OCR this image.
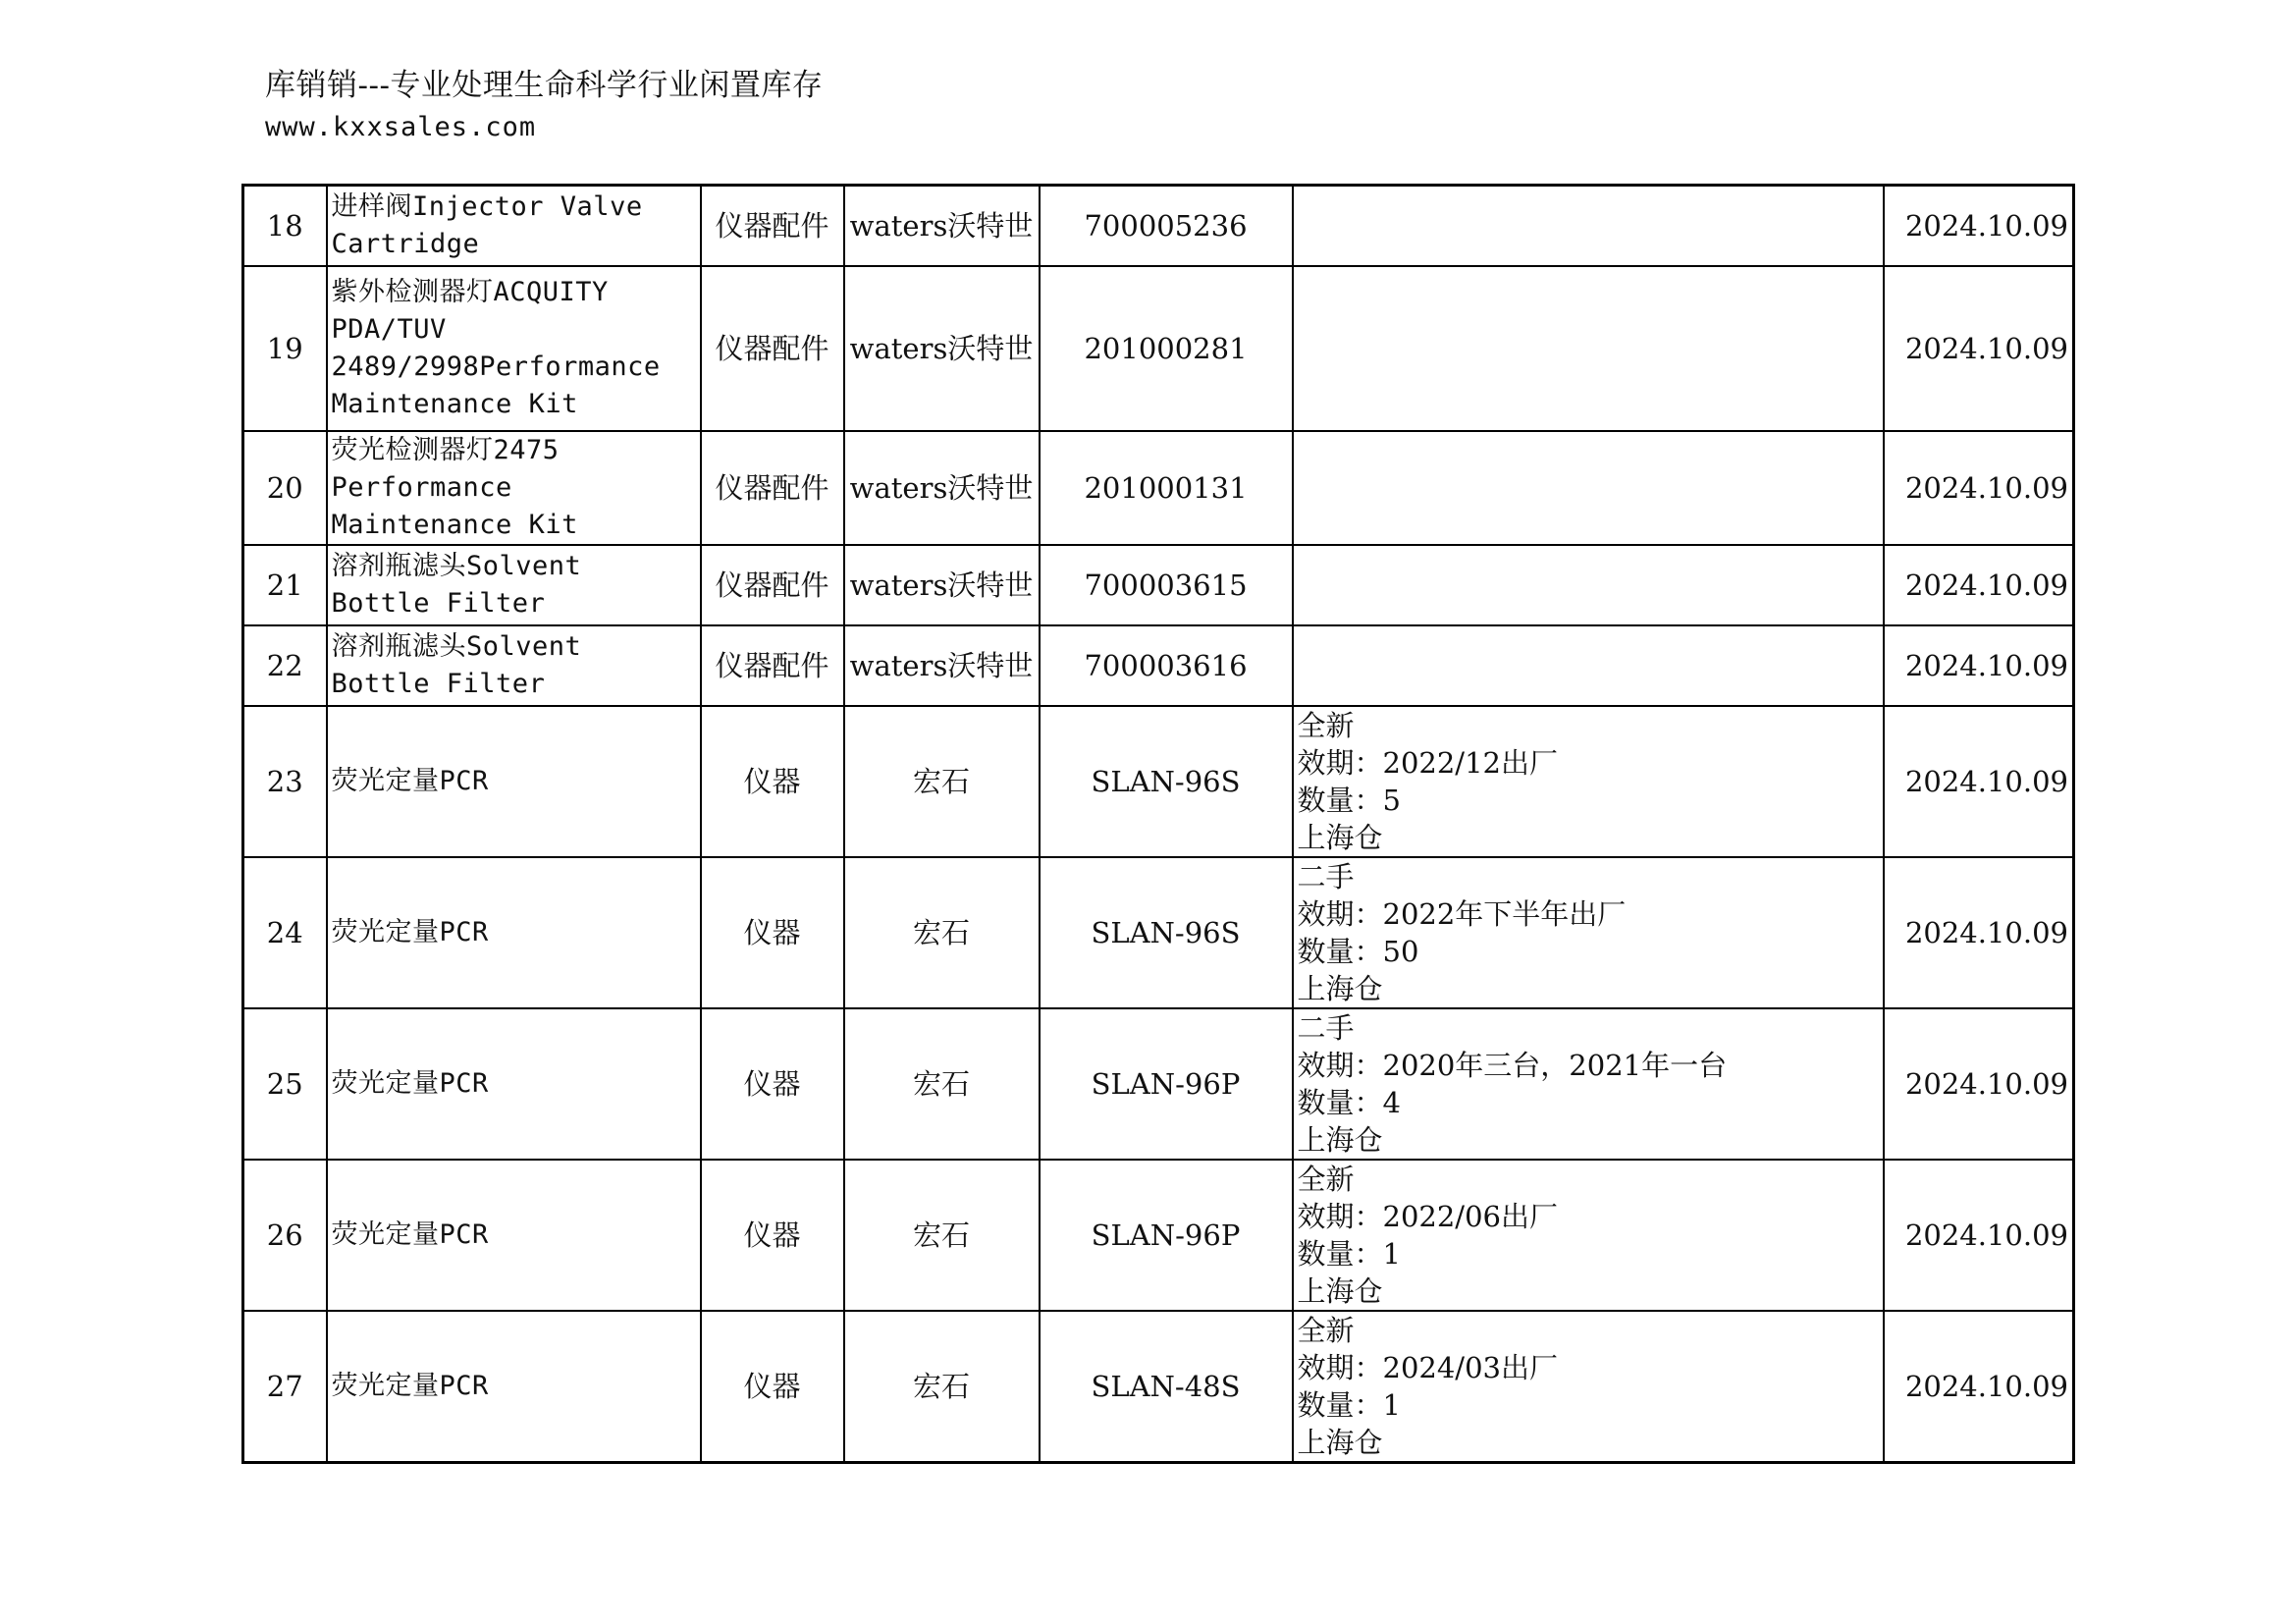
库销销---专业处理生命科学行业闲置库存
www.kxxsales.com
18	进样阀Injector Valve Cartridge	仪器配件	waters沃特世	700005236		2024.10.09
19	紫外检测器灯ACQUITY PDA/TUV 2489/2998Performance Maintenance Kit	仪器配件	waters沃特世	201000281		2024.10.09
20	荧光检测器灯2475 Performance Maintenance Kit	仪器配件	waters沃特世	201000131		2024.10.09
21	溶剂瓶滤头Solvent Bottle Filter	仪器配件	waters沃特世	700003615		2024.10.09
22	溶剂瓶滤头Solvent Bottle Filter	仪器配件	waters沃特世	700003616		2024.10.09
23	荧光定量PCR	仪器	宏石	SLAN-96S	全新
效期：2022/12出厂
数量：5
上海仓	2024.10.09
24	荧光定量PCR	仪器	宏石	SLAN-96S	二手
效期：2022年下半年出厂
数量：50
上海仓	2024.10.09
25	荧光定量PCR	仪器	宏石	SLAN-96P	二手
效期：2020年三台，2021年一台
数量：4
上海仓	2024.10.09
26	荧光定量PCR	仪器	宏石	SLAN-96P	全新
效期：2022/06出厂
数量：1
上海仓	2024.10.09
27	荧光定量PCR	仪器	宏石	SLAN-48S	全新
效期：2024/03出厂
数量：1
上海仓	2024.10.09
